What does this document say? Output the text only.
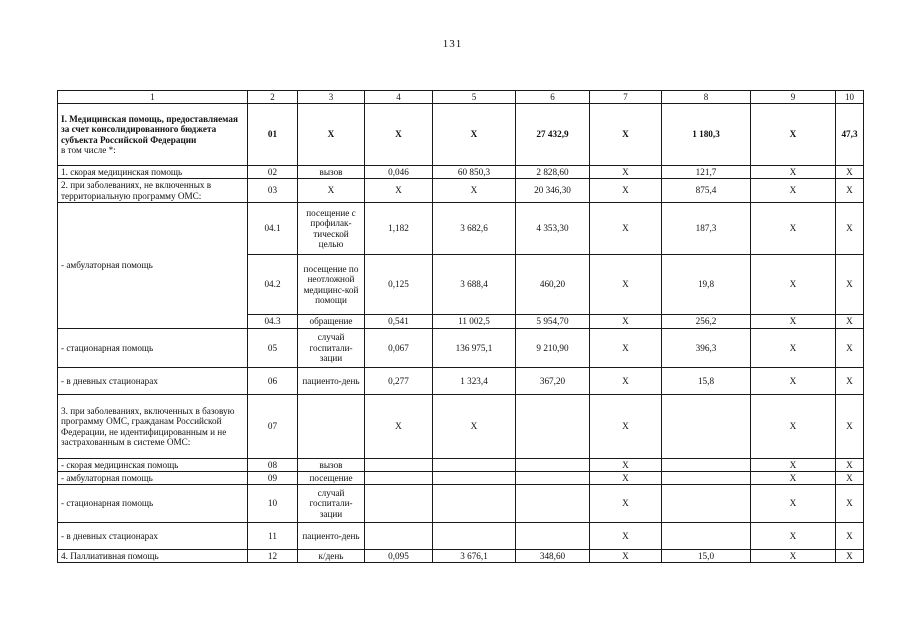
131
1	2	3	4	5	6	7	8	9	10
I. Медицинская помощь, предоставляемая за счет консолидированного бюджета субъекта Российской Федерации
в том числе *:	01	Х	Х	Х	27 432,9	Х	1 180,3	Х	47,3
1. скорая медицинская помощь	02	вызов	0,046	60 850,3	2 828,60	Х	121,7	Х	Х
2. при заболеваниях, не включенных в территориальную программу ОМС:	03	Х	Х	Х	20 346,30	Х	875,4	Х	Х
- амбулаторная помощь	04.1	посещение с профилак-тической целью	1,182	3 682,6	4 353,30	Х	187,3	Х	Х
	04.2	посещение по неотложной медицинс-кой помощи	0,125	3 688,4	460,20	Х	19,8	Х	Х
	04.3	обращение	0,541	11 002,5	5 954,70	Х	256,2	Х	Х
- стационарная помощь	05	случай госпитали-зации	0,067	136 975,1	9 210,90	Х	396,3	Х	Х
- в дневных стационарах	06	пациенто-день	0,277	1 323,4	367,20	Х	15,8	Х	Х
3. при заболеваниях, включенных в базовую программу ОМС, гражданам Российской Федерации, не идентифицированным и не застрахованным в системе ОМС:	07		Х	Х		Х		Х	Х
- скорая медицинская помощь	08	вызов				Х		Х	Х
- амбулаторная помощь	09	посещение				Х		Х	Х
- стационарная помощь	10	случай госпитали-зации				Х		Х	Х
- в дневных стационарах	11	пациенто-день				Х		Х	Х
4. Паллиативная помощь	12	к/день	0,095	3 676,1	348,60	Х	15,0	Х	Х
